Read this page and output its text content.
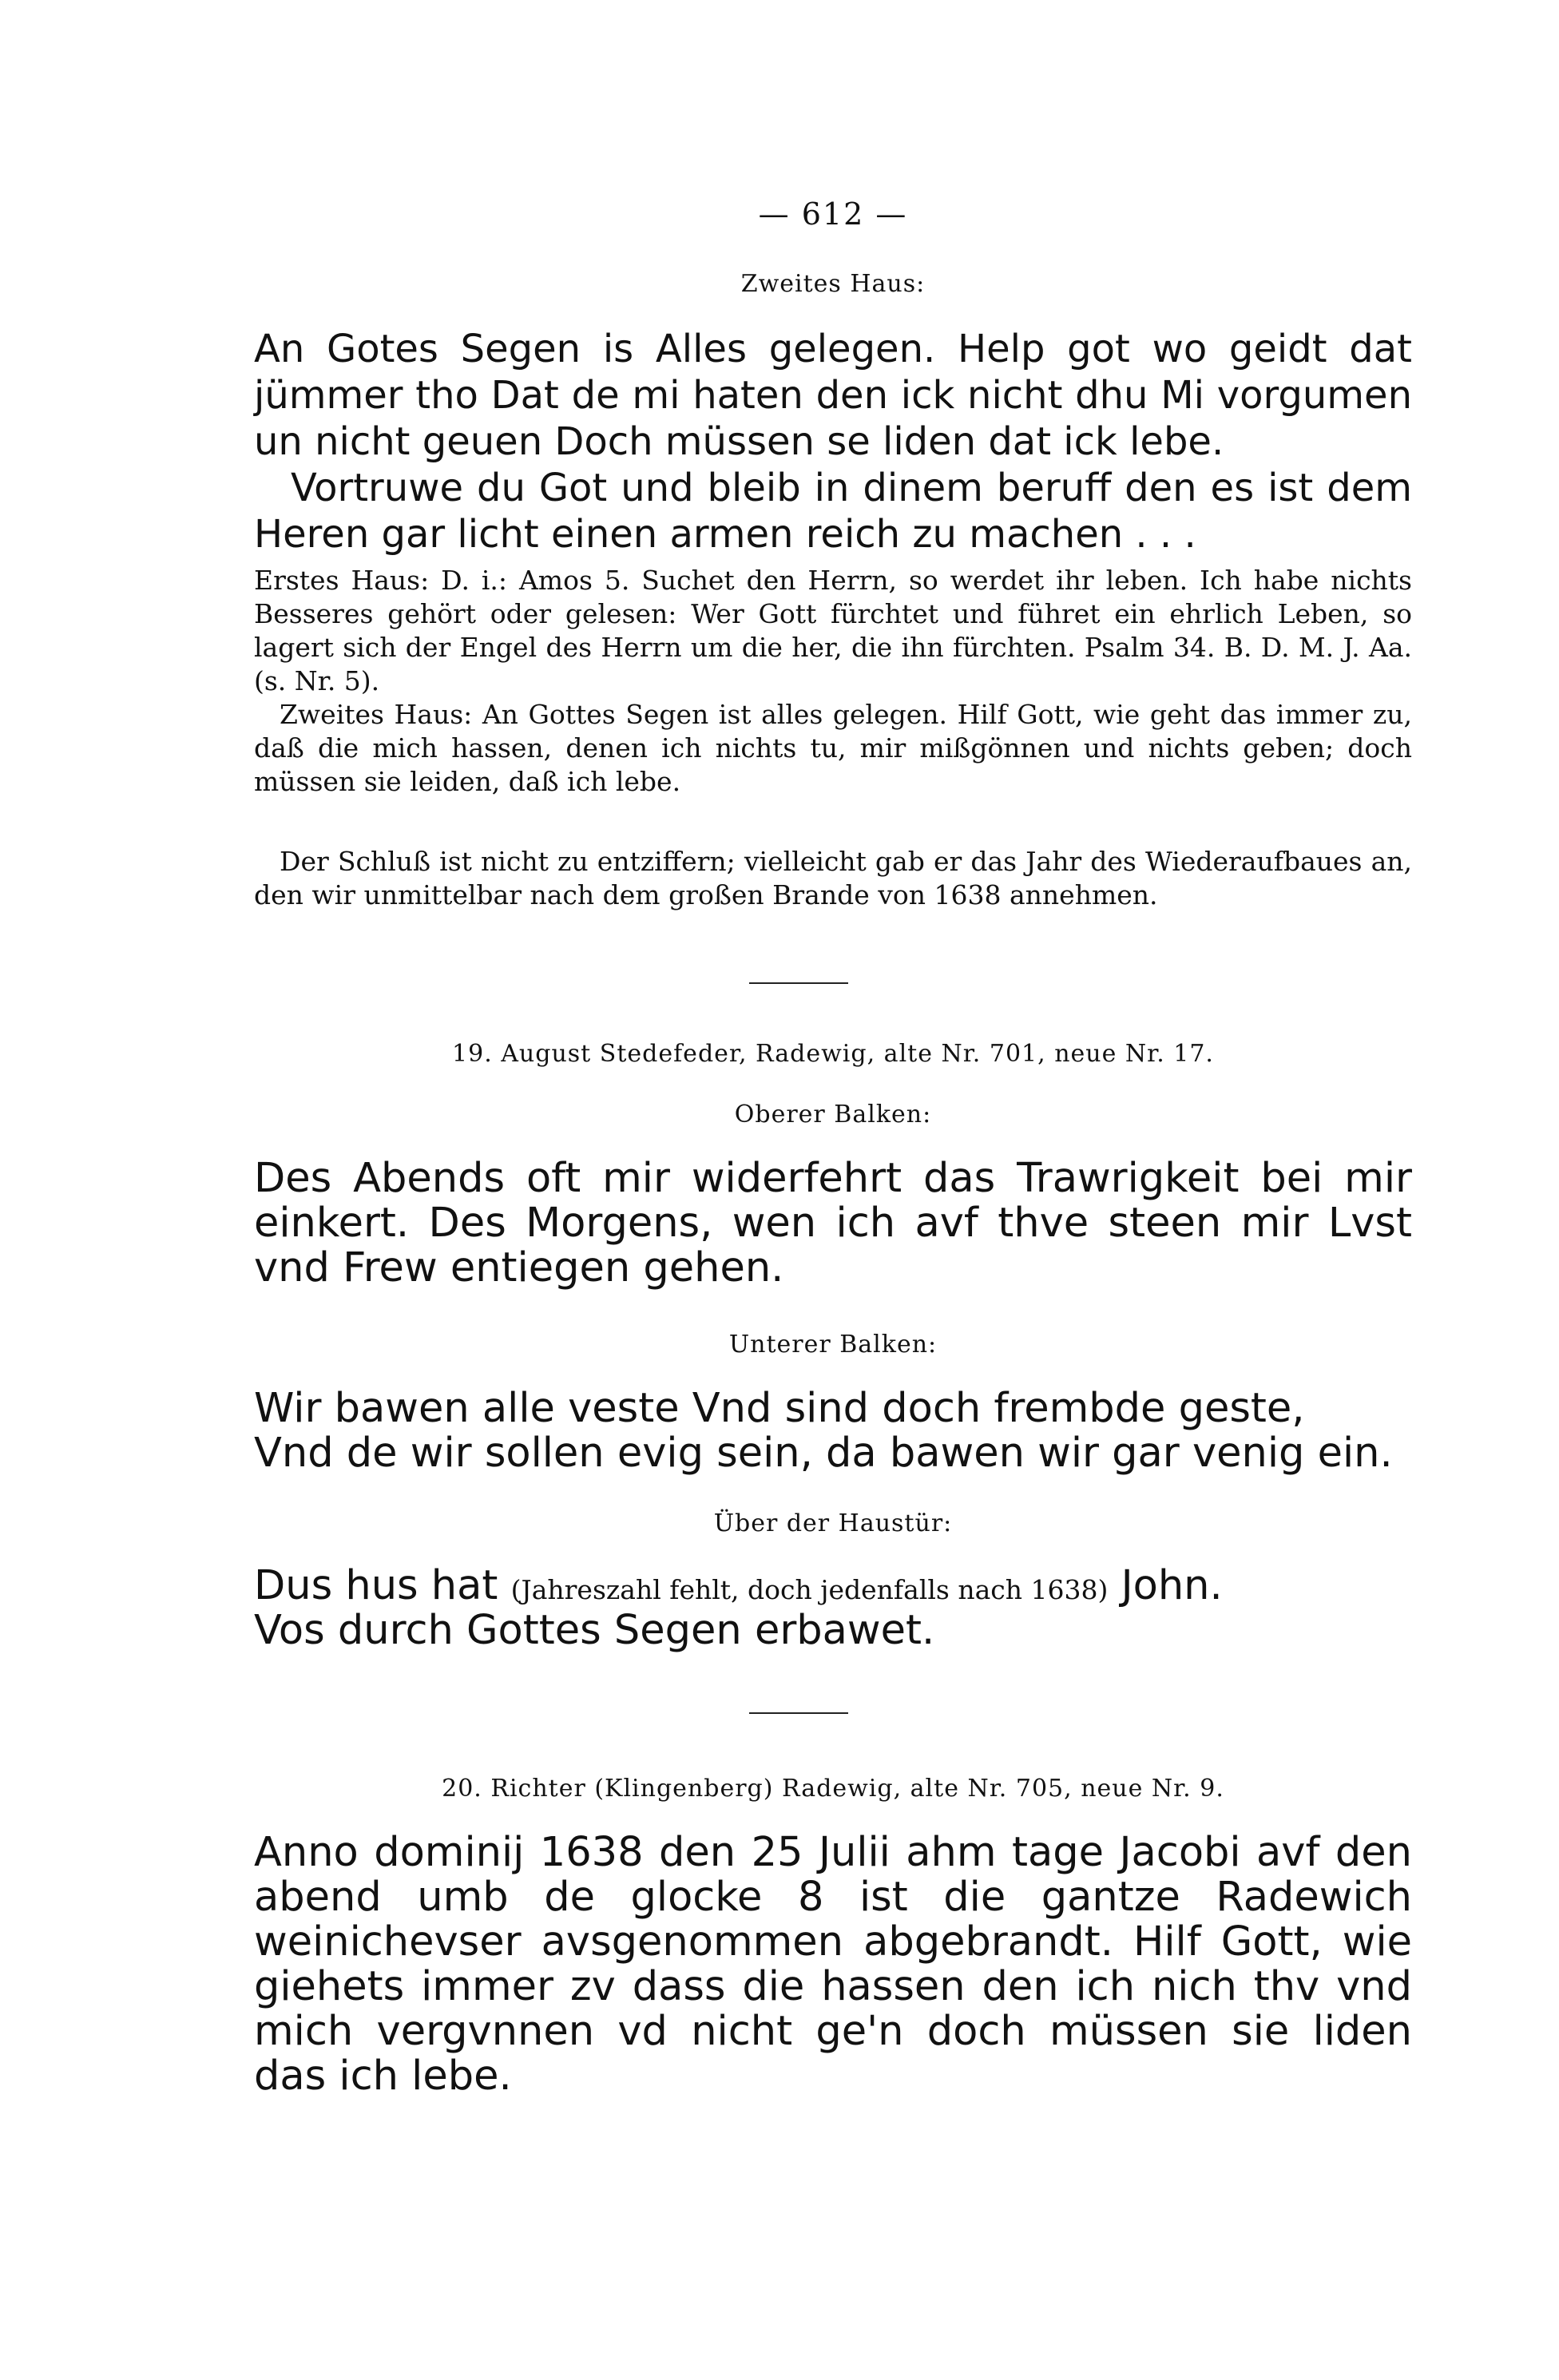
— 612 —
Zweites Haus:
An Gotes Segen is Alles gelegen. Help got wo geidt dat jümmer tho Dat de mi haten den ick nicht dhu Mi vorgumen un nicht geuen Doch müssen se liden dat ick lebe.
Vortruwe du Got und bleib in dinem beruff den es ist dem Heren gar licht einen armen reich zu machen . . .

Erstes Haus: D. i.: Amos 5. Suchet den Herrn, so werdet ihr leben. Ich habe nichts Besseres gehört oder gelesen: Wer Gott fürchtet und führet ein ehrlich Leben, so lagert sich der Engel des Herrn um die her, die ihn fürchten. Psalm 34. B. D. M. J. Aa. (s. Nr. 5).

Zweites Haus: An Gottes Segen ist alles gelegen. Hilf Gott, wie geht das immer zu, daß die mich hassen, denen ich nichts tu, mir mißgönnen und nichts geben; doch müssen sie leiden, daß ich lebe.

Der Schluß ist nicht zu entziffern; vielleicht gab er das Jahr des Wiederaufbaues an, den wir unmittelbar nach dem großen Brande von 1638 annehmen.

19. August Stedefeder, Radewig, alte Nr. 701, neue Nr. 17.
Oberer Balken:
Des Abends oft mir widerfehrt das Trawrigkeit bei mir einkert. Des Morgens, wen ich avf thve steen mir Lvst vnd Frew entiegen gehen.
Unterer Balken:
Wir bawen alle veste Vnd sind doch frembde geste,
Vnd de wir sollen evig sein, da bawen wir gar venig ein.
Über der Haustür:
Dus hus hat (Jahreszahl fehlt, doch jedenfalls nach 1638) John.
Vos durch Gottes Segen erbawet.
20. Richter (Klingenberg) Radewig, alte Nr. 705, neue Nr. 9.
Anno dominij 1638 den 25 Julii ahm tage Jacobi avf den abend umb de glocke 8 ist die gantze Radewich weinichevser avsgenommen abgebrandt. Hilf Gott, wie giehets immer zv dass die hassen den ich nich thv vnd mich vergvnnen vd nicht ge'n doch müssen sie liden das ich lebe.
